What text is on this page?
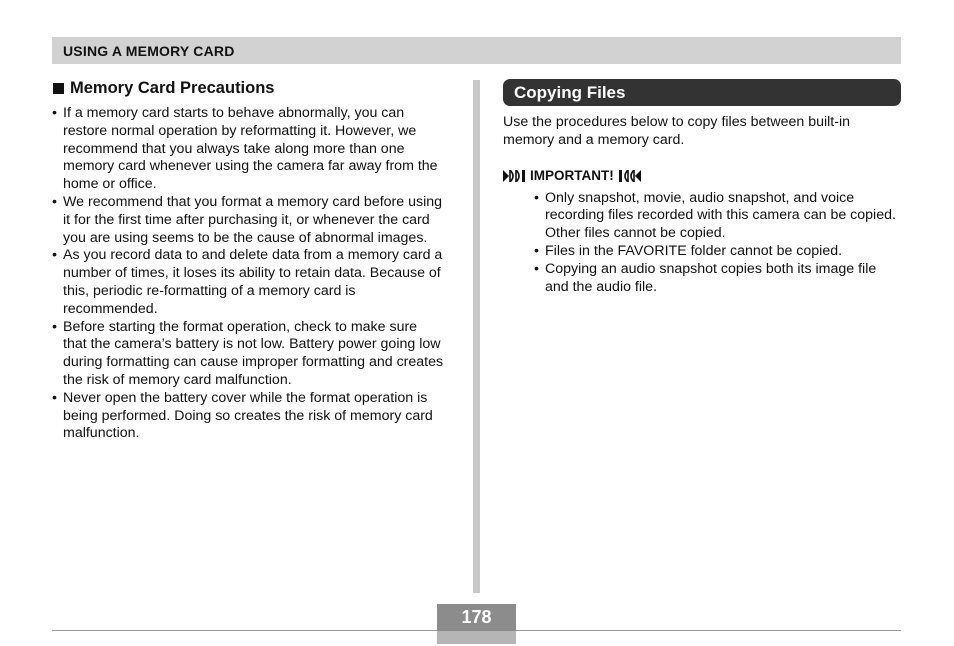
USING A MEMORY CARD
Memory Card Precautions
• If a memory card starts to behave abnormally, you can restore normal operation by reformatting it. However, we recommend that you always take along more than one memory card whenever using the camera far away from the home or office.
• We recommend that you format a memory card before using it for the first time after purchasing it, or whenever the card you are using seems to be the cause of abnormal images.
• As you record data to and delete data from a memory card a number of times, it loses its ability to retain data. Because of this, periodic re-formatting of a memory card is recommended.
• Before starting the format operation, check to make sure that the camera’s battery is not low. Battery power going low during formatting can cause improper formatting and creates the risk of memory card malfunction.
• Never open the battery cover while the format operation is being performed. Doing so creates the risk of memory card malfunction.
Copying Files

Use the procedures below to copy files between built-in memory and a memory card.

IMPORTANT!
• Only snapshot, movie, audio snapshot, and voice recording files recorded with this camera can be copied. Other files cannot be copied.
• Files in the FAVORITE folder cannot be copied.
• Copying an audio snapshot copies both its image file and the audio file.
178
